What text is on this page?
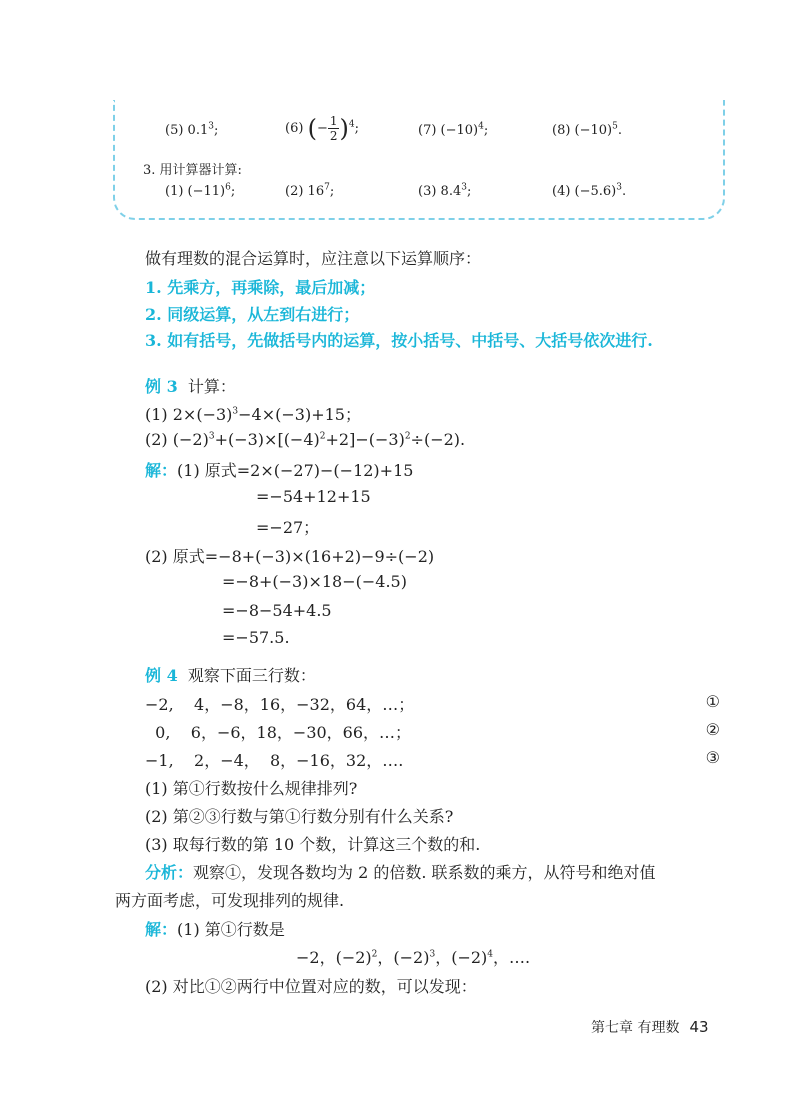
(5) $0.1^3$;	(6) (− $\frac{1}{2} )^4$;	(7) $(-10)^4$;	(8) $(-10)^5$.
3. 用计算器计算:
(1) $(-11)^6$;	(2) $16^7$;	(3) $8.4^3$;	(4) $(-5.6)^3$.
做有理数的混合运算时，应注意以下运算顺序：
1. 先乘方，再乘除，最后加减；
2. 同级运算，从左到右进行；
3. 如有括号，先做括号内的运算，按小括号、中括号、大括号依次进行.
例 3 计算：
(1) $2\times(-3)^3-4\times(-3)+15$；
(2) $(-2)^3+(-3)\times[(-4)^2+2]-(-3)^2\div(-2)$.
解：(1) 原式=2×(−27)−(−12)+15
=−54+12+15
=−27；
(2) 原式=−8+(−3)×(16+2)−9÷(−2)
=−8+(−3)×18−(−4.5)
=−8−54+4.5
=−57.5.
例 4 观察下面三行数：
−2,    4，−8，16，−32，64，…；	①
0,    6，−6，18，−30，66，…；	②
−1,    2，−4，  8，−16，32，….	③
(1) 第①行数按什么规律排列?
(2) 第②③行数与第①行数分别有什么关系?
(3) 取每行数的第 10 个数，计算这三个数的和.
分析：观察①，发现各数均为 2 的倍数. 联系数的乘方，从符号和绝对值
两方面考虑，可发现排列的规律.
解：(1) 第①行数是
−2，$(-2)^2$，$(-2)^3$，$(-2)^4$，….
(2) 对比①②两行中位置对应的数，可以发现：
第七章 有理数 43
